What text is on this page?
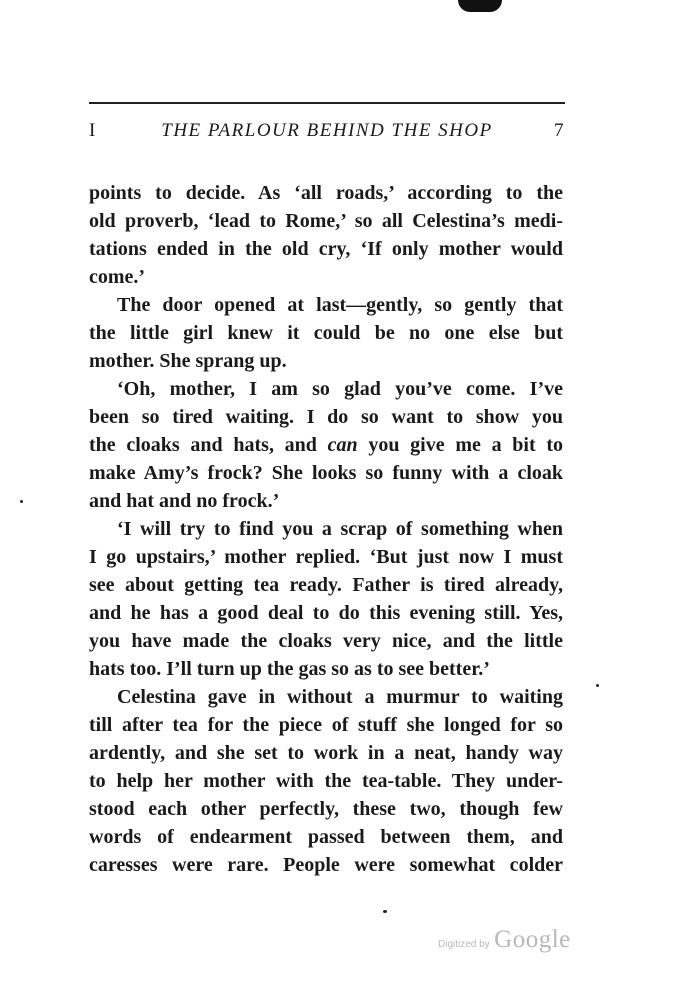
I	THE PARLOUR BEHIND THE SHOP	7
points to decide. As ‘all roads,’ according to the
old proverb, ‘lead to Rome,’ so all Celestina’s medi-
tations ended in the old cry, ‘If only mother would
come.’
The door opened at last—gently, so gently that
the little girl knew it could be no one else but
mother. She sprang up.
‘Oh, mother, I am so glad you’ve come. I’ve
been so tired waiting. I do so want to show you
the cloaks and hats, and can you give me a bit to
make Amy’s frock? She looks so funny with a cloak
and hat and no frock.’
‘I will try to find you a scrap of something when
I go upstairs,’ mother replied. ‘But just now I must
see about getting tea ready. Father is tired already,
and he has a good deal to do this evening still. Yes,
you have made the cloaks very nice, and the little
hats too. I’ll turn up the gas so as to see better.’
Celestina gave in without a murmur to waiting
till after tea for the piece of stuff she longed for so
ardently, and she set to work in a neat, handy way
to help her mother with the tea-table. They under-
stood each other perfectly, these two, though few
words of endearment passed between them, and
caresses were rare. People were somewhat colder
Digitized by Google
